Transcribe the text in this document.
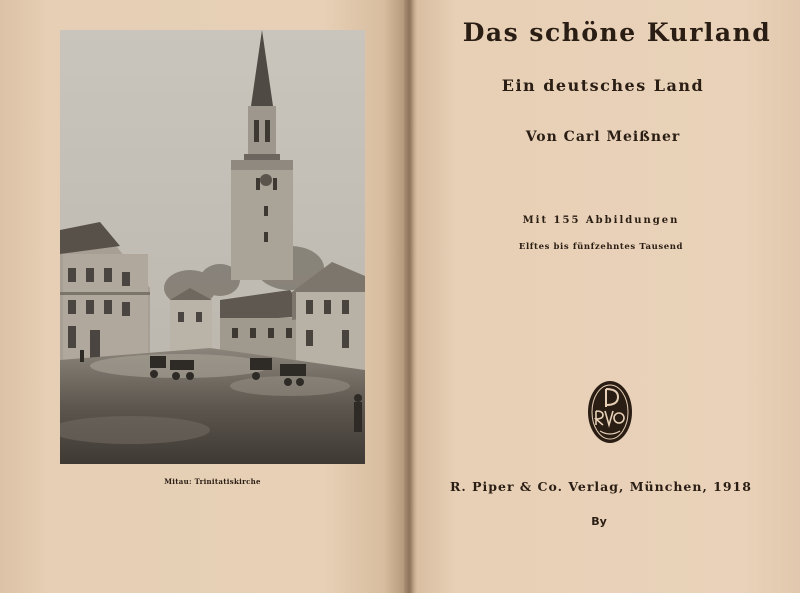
Mitau: Trinitatiskirche
Das schöne Kurland
Ein deutsches Land
Von Carl Meißner
Mit 155 Abbildungen
Elftes bis fünfzehntes Tausend
R. Piper & Co. Verlag, München, 1918
By
